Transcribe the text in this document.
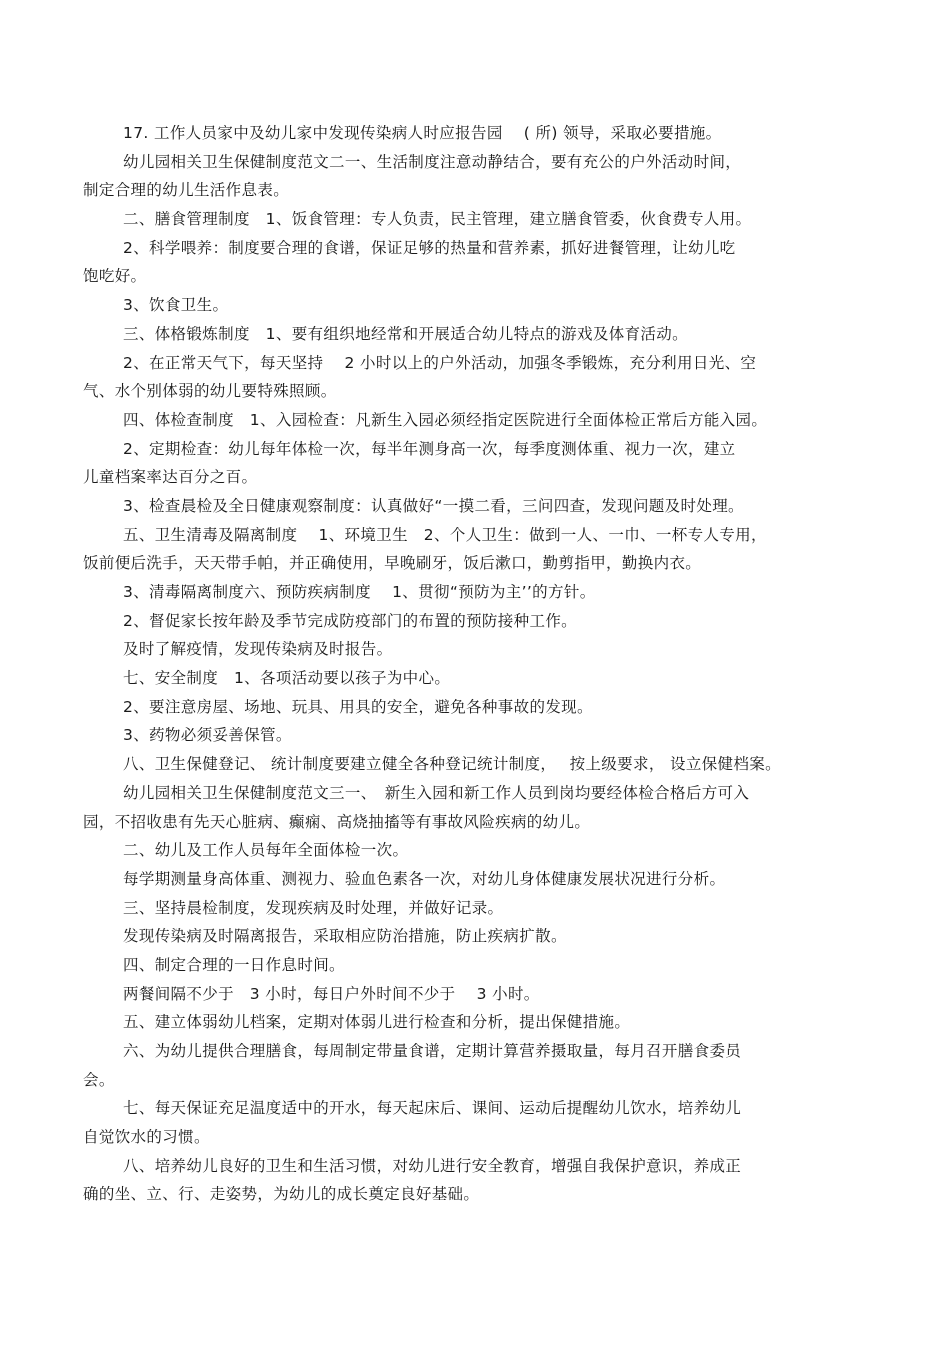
17. 工作人员家中及幼儿家中发现传染病人时应报告园　 ( 所) 领导，采取必要措施。
幼儿园相关卫生保健制度范文二一、生活制度注意动静结合，要有充公的户外活动时间，
制定合理的幼儿生活作息表。
二、膳食管理制度　1、饭食管理：专人负责，民主管理，建立膳食管委，伙食费专人用。
2、科学喂养：制度要合理的食谱，保证足够的热量和营养素，抓好进餐管理，让幼儿吃
饱吃好。
3、饮食卫生。
三、体格锻炼制度　1、要有组织地经常和开展适合幼儿特点的游戏及体育活动。
2、在正常天气下，每天坚持　 2 小时以上的户外活动，加强冬季锻炼，充分利用日光、空
气、水个别体弱的幼儿要特殊照顾。
四、体检查制度　1、入园检查：凡新生入园必须经指定医院进行全面体检正常后方能入园。
2、定期检查：幼儿每年体检一次，每半年测身高一次，每季度测体重、视力一次，建立
儿童档案率达百分之百。
3、检查晨检及全日健康观察制度：认真做好“一摸二看，三问四查，发现问题及时处理。
五、卫生清毒及隔离制度　 1、环境卫生　2、个人卫生：做到一人、一巾、一杯专人专用，
饭前便后洗手，天天带手帕，并正确使用，早晚刷牙，饭后漱口，勤剪指甲，勤换内衣。
3、清毒隔离制度六、预防疾病制度　 1、贯彻“预防为主’’的方针。
2、督促家长按年龄及季节完成防疫部门的布置的预防接种工作。
及时了解疫情，发现传染病及时报告。
七、安全制度　1、各项活动要以孩子为中心。
2、要注意房屋、场地、玩具、用具的安全，避免各种事故的发现。
3、药物必须妥善保管。
八、卫生保健登记、 统计制度要建立健全各种登记统计制度，　 按上级要求， 设立保健档案。
幼儿园相关卫生保健制度范文三一、　新生入园和新工作人员到岗均要经体检合格后方可入
园，不招收患有先天心脏病、癫痫、高烧抽搐等有事故风险疾病的幼儿。
二、幼儿及工作人员每年全面体检一次。
每学期测量身高体重、测视力、验血色素各一次，对幼儿身体健康发展状况进行分析。
三、坚持晨检制度，发现疾病及时处理，并做好记录。
发现传染病及时隔离报告，采取相应防治措施，防止疾病扩散。
四、制定合理的一日作息时间。
两餐间隔不少于　3 小时，每日户外时间不少于　 3 小时。
五、建立体弱幼儿档案，定期对体弱儿进行检查和分析，提出保健措施。
六、为幼儿提供合理膳食，每周制定带量食谱，定期计算营养摄取量，每月召开膳食委员
会。
七、每天保证充足温度适中的开水，每天起床后、课间、运动后提醒幼儿饮水，培养幼儿
自觉饮水的习惯。
八、培养幼儿良好的卫生和生活习惯，对幼儿进行安全教育，增强自我保护意识，养成正
确的坐、立、行、走姿势，为幼儿的成长奠定良好基础。
